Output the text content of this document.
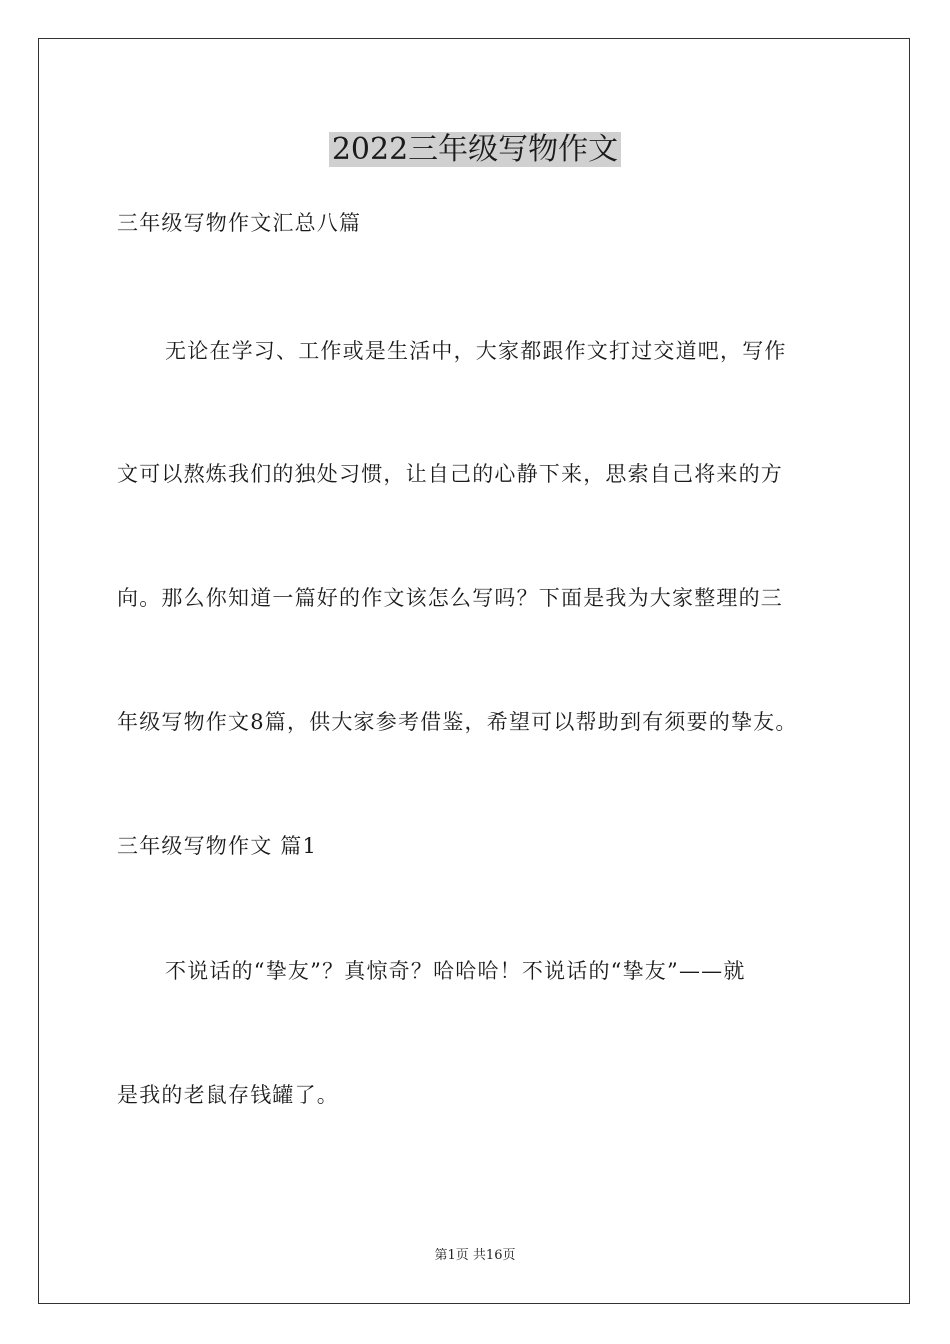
2022三年级写物作文
三年级写物作文汇总八篇
无论在学习、工作或是生活中，大家都跟作文打过交道吧，写作
文可以熬炼我们的独处习惯，让自己的心静下来，思索自己将来的方
向。那么你知道一篇好的作文该怎么写吗？下面是我为大家整理的三
年级写物作文8篇，供大家参考借鉴，希望可以帮助到有须要的挚友。
三年级写物作文 篇1
不说话的“挚友”？真惊奇？哈哈哈！不说话的“挚友”——就
是我的老鼠存钱罐了。
第1页 共16页
